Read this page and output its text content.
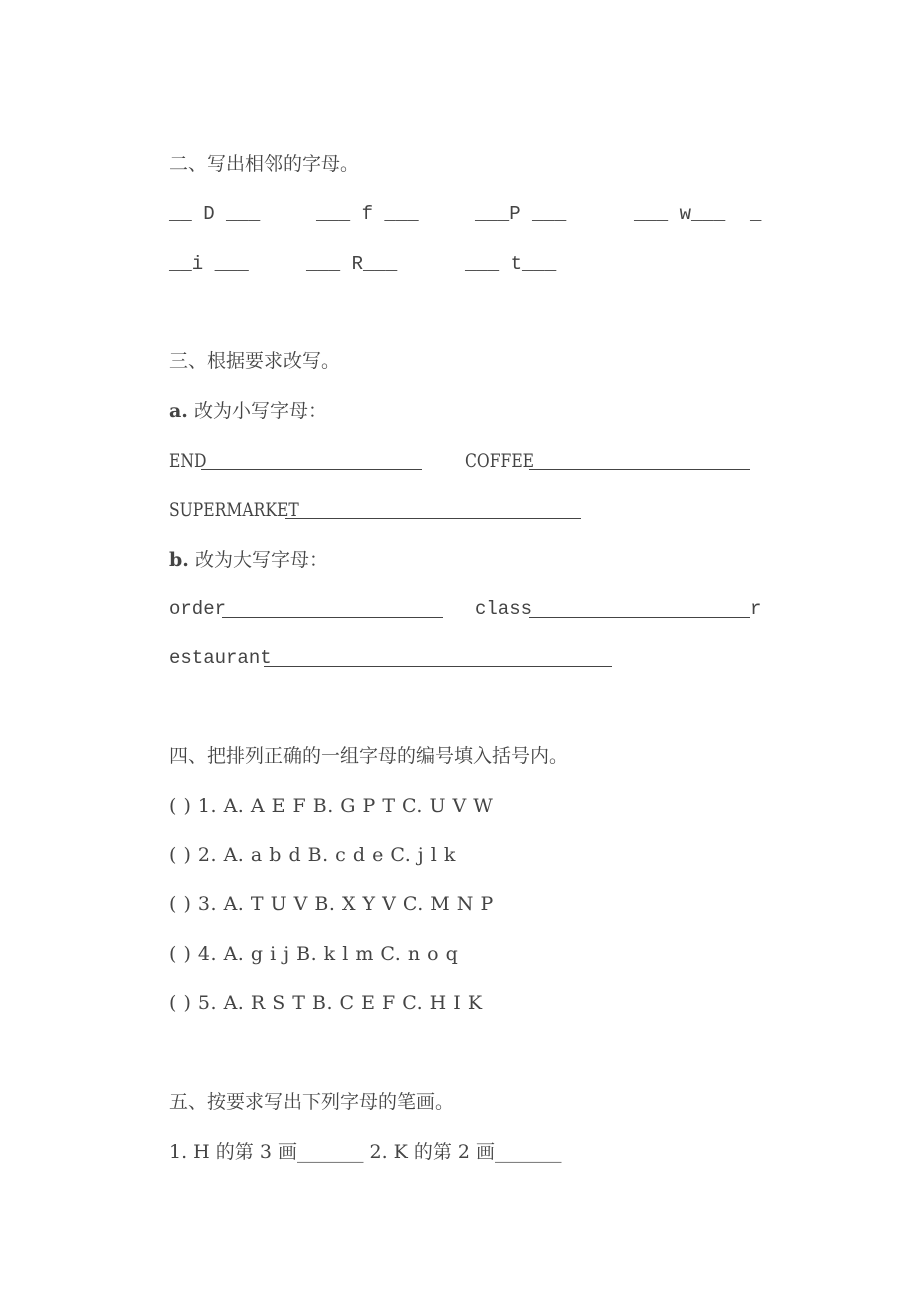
二、写出相邻的字母。
__ D ___	___ f ___	___P ___	___ w___ _
__i ___	___ R___	___ t___
三、根据要求改写。
a. 改为小写字母：
END	COFFEE
SUPERMARKET
b. 改为大写字母：
order	class	r
estaurant
四、把排列正确的一组字母的编号填入括号内。
( ) 1. A. A E F B. G P T C. U V W
( ) 2. A. a b d B. c d e C. j l k
( ) 3. A. T U V B. X Y V C. M N P
( ) 4. A. g i j B. k l m C. n o q
( ) 5. A. R S T B. C E F C. H I K
五、按要求写出下列字母的笔画。
1. H 的第 3 画_______ 2. K 的第 2 画_______
